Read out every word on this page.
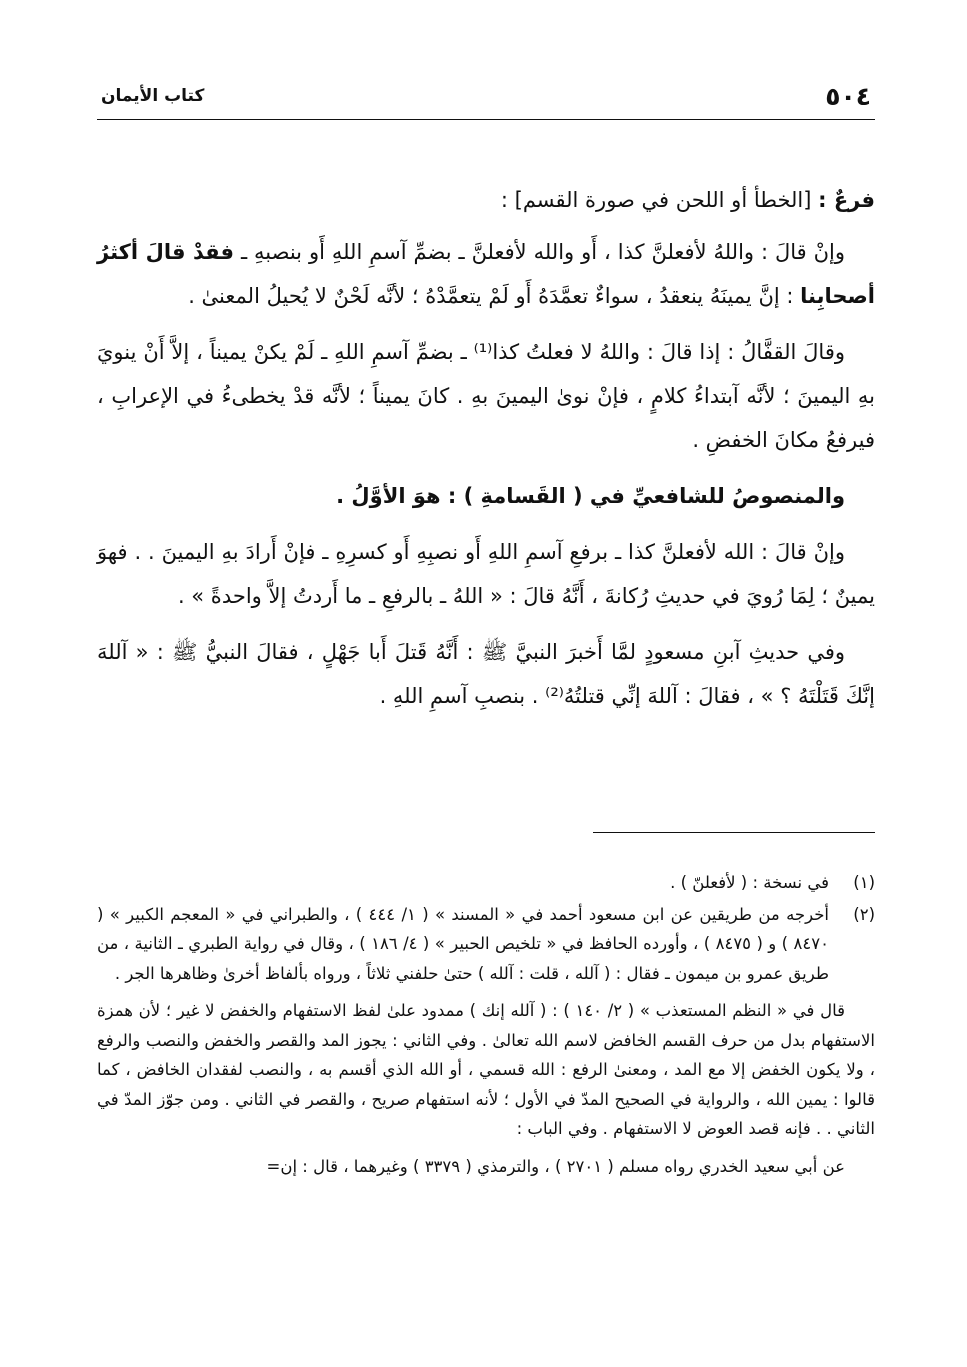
٥٠٤
كتاب الأيمان

فرعٌ : [الخطأ أو اللحن في صورة القسم] :

وإنْ قالَ : واللهُ لأفعلنَّ كذا ، أَو والله لأفعلنَّ ـ بضمِّ آسمِ اللهِ أَو بنصبهِ ـ فقدْ قالَ أكثرُ أصحابِنا : إنَّ يمينَهُ ينعقدُ ، سواءٌ تعمَّدَهُ أَو لَمْ يتعمَّدْهُ ؛ لأنَّه لَحْنٌ لا يُحيلُ المعنىٰ .

وقالَ القفَّالُ : إذا قالَ : واللهُ لا فعلتُ كذا⁽¹⁾ ـ بضمِّ آسمِ اللهِ ـ لَمْ يكنْ يميناً ، إلاَّ أَنْ ينويَ بهِ اليمينَ ؛ لأنَّه آبتداءُ كلامٍ ، فإنْ نوىٰ اليمينَ بهِ . كانَ يميناً ؛ لأنَّه قدْ يخطىءُ في الإعرابِ ، فيرفعُ مكانَ الخفضِ .

والمنصوصُ للشافعيِّ في ( القَسامةِ ) : هوَ الأوَّلُ .

وإنْ قالَ : الله لأفعلنَّ كذا ـ برفعِ آسمِ اللهِ أَو نصبِهِ أَو كسرِهِ ـ فإنْ أَرادَ بهِ اليمينَ . . فهوَ يمينٌ ؛ لِمَا رُويَ في حديثِ رُكانةَ ، أَنَّهُ قالَ : « اللهُ ـ بالرفعِ ـ ما أَردتُ إلاَّ واحدةً » .

وفي حديثِ آبنِ مسعودٍ لمَّا أَخبرَ النبيَّ ﷺ : أَنَّهُ قَتلَ أَبا جَهْلٍ ، فقالَ النبيُّ ﷺ : « آللهَ إنَّكَ قَتَلْتَهُ ؟ » ، فقالَ : آللهَ إنِّي قتلتُهُ⁽²⁾ . بنصبِ آسمِ اللهِ .

(١)
في نسخة : ( لأفعلنّ ) .
(٢)
أخرجه من طريقين عن ابن مسعود أحمد في « المسند » ( ١/ ٤٤٤ ) ، والطبراني في « المعجم الكبير » ( ٨٤٧٠ ) و ( ٨٤٧٥ ) ، وأورده الحافظ في « تلخيص الحبير » ( ٤/ ١٨٦ ) ، وقال في رواية الطبري ـ الثانية ، من طريق عمرو بن ميمون ـ فقال : ( آلله ، قلت : آلله ) حتىٰ حلفني ثلاثاً ، ورواه بألفاظ أخرىٰ وظاهرها الجر .

قال في « النظم المستعذب » ( ٢/ ١٤٠ ) : ( آلله إنك ) ممدود علىٰ لفظ الاستفهام والخفض لا غير ؛ لأن همزة الاستفهام بدل من حرف القسم الخافض لاسم الله تعالىٰ . وفي الثاني : يجوز المد والقصر والخفض والنصب والرفع ، ولا يكون الخفض إلا مع المد ، ومعنىٰ الرفع : الله قسمي ، أو الله الذي أقسم به ، والنصب لفقدان الخافض ، كما قالوا : يمين الله ، والرواية في الصحيح المدّ في الأول ؛ لأنه استفهام صريح ، والقصر في الثاني . ومن جوّز المدّ في الثاني . . فإنه قصد العوض لا الاستفهام . وفي الباب :

عن أبي سعيد الخدري رواه مسلم ( ٢٧٠١ ) ، والترمذي ( ٣٣٧٩ ) وغيرهما ، قال : إن=
